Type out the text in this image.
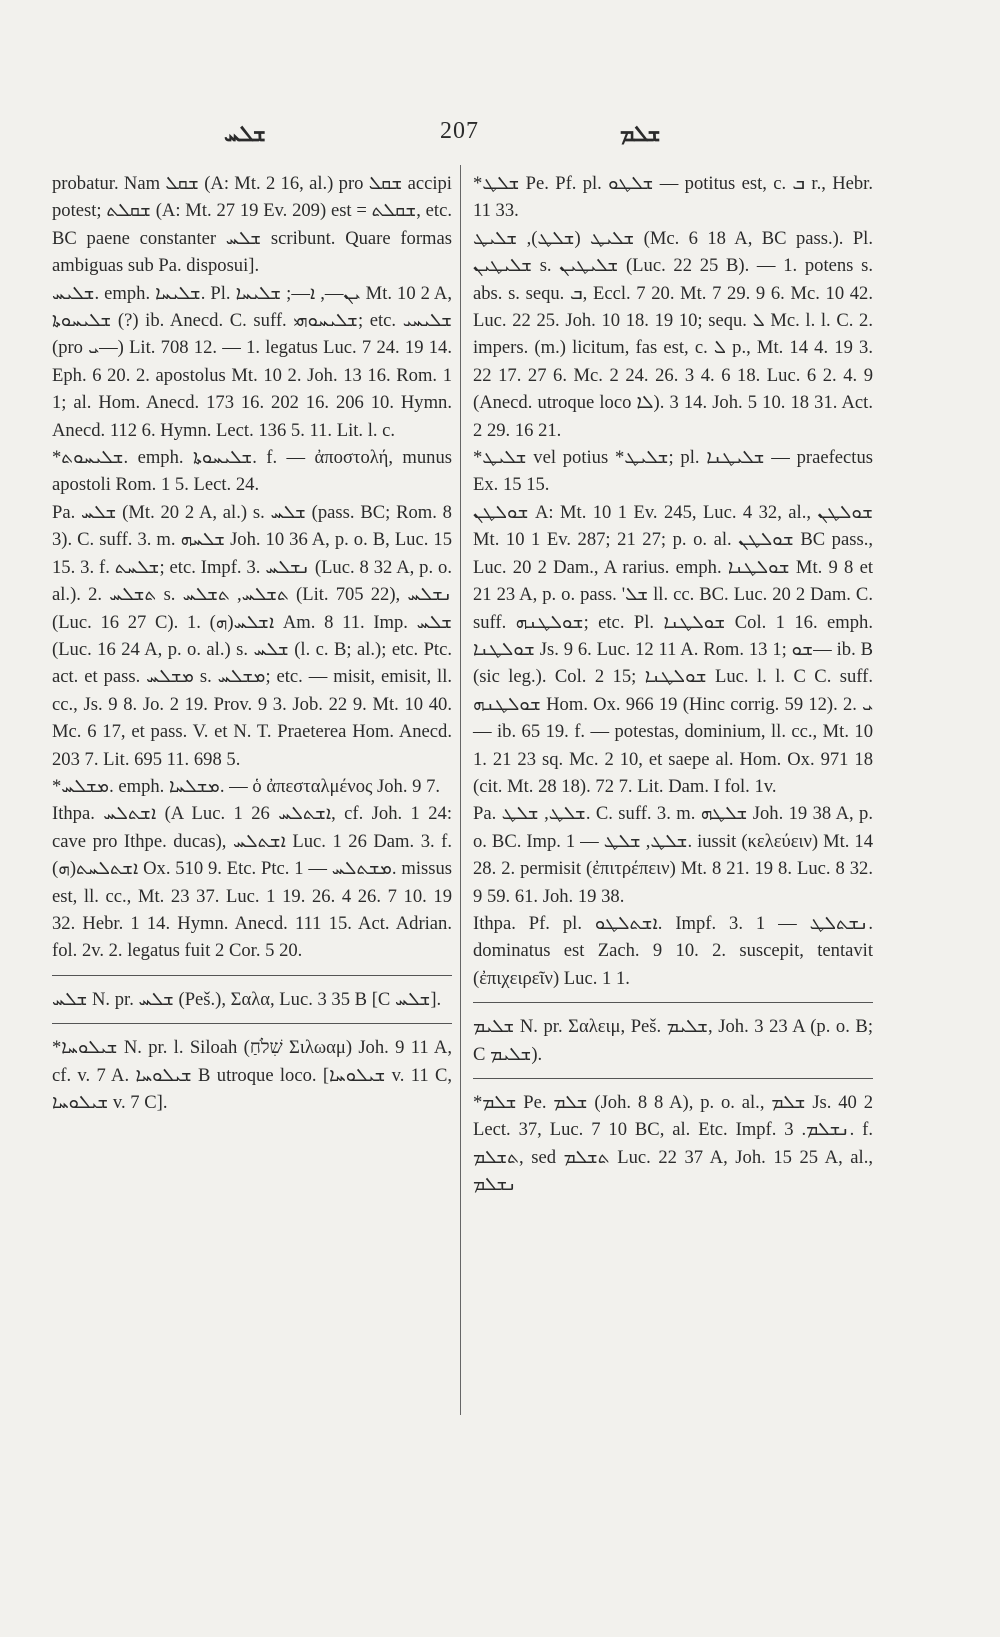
ܫܠܚ	207	ܫܠܡ

probatur. Nam ܫܩܠ (A: Mt. 2 16, al.) pro ܫܩܠ accipi potest; ܫܩܠܬ (A: Mt. 27 19 Ev. 209) est = ܫܩܠܬ, etc. BC paene constanter ܫܠܚ scribunt. Quare formas ambiguas sub Pa. disposui].

ܫܠܝܚ. emph. ܫܠܝܚܐ. Pl. ܝܢ—, ܐ—; ܫܠܝܚܐ Mt. 10 2 A, ܫܠܝܚܘܬܐ (?) ib. Anecd. C. suff. ܫܠܝܚܘܗܝ; etc. ܫܠܝܚܝ (pro ܝ—) Lit. 708 12. — 1. legatus Luc. 7 24. 19 14. Eph. 6 20. 2. apostolus Mt. 10 2. Joh. 13 16. Rom. 1 1; al. Hom. Anecd. 173 16. 202 16. 206 10. Hymn. Anecd. 112 6. Hymn. Lect. 136 5. 11. Lit. l. c.

*ܫܠܝܚܘܬ. emph. ܫܠܝܚܘܬܐ. f. — ἀποστολή, munus apostoli Rom. 1 5. Lect. 24.

Pa. ܫܠܚ (Mt. 20 2 A, al.) s. ܫܠܚ (pass. BC; Rom. 8 3). C. suff. 3. m. ܫܠܚܗ Joh. 10 36 A, p. o. B, Luc. 15 15. 3. f. ܫܠܚܬ; etc. Impf. 3. ܢܫܠܚ (Luc. 8 32 A, p. o. al.). 2. ܬܫܠܚ s. ܬܫܠܚ, ܬܫܠܚ (Lit. 705 22), ܢܫܠܚ (Luc. 16 27 C). 1. ܐܫܠܚ(ܗ) Am. 8 11. Imp. ܫܠܚ (Luc. 16 24 A, p. o. al.) s. ܫܠܚ (l. c. B; al.); etc. Ptc. act. et pass. ܡܫܠܚ s. ܡܫܠܚ; etc. — misit, emisit, ll. cc., Js. 9 8. Jo. 2 19. Prov. 9 3. Job. 22 9. Mt. 10 40. Mc. 6 17, et pass. V. et N. T. Praeterea Hom. Anecd. 203 7. Lit. 695 11. 698 5.

*ܡܫܠܚ. emph. ܡܫܠܚܐ. — ὁ ἀπεσταλμένος Joh. 9 7.

Ithpa. ܐܫܬܠܚ (A Luc. 1 26 ܐܫܬܠܚ, cf. Joh. 1 24: cave pro Ithpe. ducas), ܐܫܬܠܚ Luc. 1 26 Dam. 3. f. ܐܫܬܠܚܬ(ܗ) Ox. 510 9. Etc. Ptc. ܡܫܬܠܚ — 1. missus est, ll. cc., Mt. 23 37. Luc. 1 19. 26. 4 26. 7 10. 19 32. Hebr. 1 14. Hymn. Anecd. 111 15. Act. Adrian. fol. 2v. 2. legatus fuit 2 Cor. 5 20.

ܫܠܚ N. pr. ܫܠܚ (Peš.), Σαλα, Luc. 3 35 B [C ܫܠܚ].

*ܫܝܠܘܚܐ N. pr. l. Siloah (שִׁלֹחַ Σιλωαμ) Joh. 9 11 A, cf. v. 7 A. ܫܝܠܘܚܐ B utroque loco. [ܫܝܠܘܚܐ v. 11 C, ܫܝܠܘܚܐ v. 7 C].

*ܫܠܛ Pe. Pf. pl. ܫܠܛܘ — potitus est, c. ܒ r., Hebr. 11 33.

ܫܠܝܛ (ܫܠܛ), ܫܠܝܛ (Mc. 6 18 A, BC pass.). Pl. ܫܠܝܛܝܢ s. ܫܠܝܛܝܢ (Luc. 22 25 B). — 1. potens s. abs. s. sequ. ܒ, Eccl. 7 20. Mt. 7 29. 9 6. Mc. 10 42. Luc. 22 25. Joh. 10 18. 19 10; sequ. ܠ Mc. l. l. C. 2. impers. (m.) licitum, fas est, c. ܠ p., Mt. 14 4. 19 3. 22 17. 27 6. Mc. 2 24. 26. 3 4. 6 18. Luc. 6 2. 4. 9 (Anecd. utroque loco ܠܐ). 14 3. Joh. 5 10. 18 31. Act. 2 29. 16 21.

*ܫܠܝܛ vel potius *ܫܠܝܛ; pl. ܫܠܝܛܢܐ — praefectus Ex. 15 15.

ܫܘܠܛܢ A: Mt. 10 1 Ev. 245, Luc. 4 32, al., ܫܘܠܛܢ Mt. 10 1 Ev. 287; 21 27; p. o. al. ܫܘܠܛܢ BC pass., Luc. 20 2 Dam., A rarius. emph. ܫܘܠܛܢܐ Mt. 9 8 et 21 23 A, p. o. pass. 'ܫܠ ll. cc. BC. Luc. 20 2 Dam. C. suff. ܫܘܠܛܢܗ; etc. Pl. ܫܘܠܛܢܐ Col. 1 16. emph. ܫܘܠܛܢܐ Js. 9 6. Luc. 12 11 A. Rom. 13 1; ܫܘ— ib. B (sic leg.). Col. 2 15; ܫܘܠܛܢܐ Luc. l. l. C C. suff. ܫܘܠܛܢܗ Hom. Ox. 966 19 (Hinc corrig. 59 12). 2. ܝ— ib. 65 19. f. — potestas, dominium, ll. cc., Mt. 10 1. 21 23 sq. Mc. 2 10, et saepe al. Hom. Ox. 971 18 (cit. Mt. 28 18). 72 7. Lit. Dam. I fol. 1v.

Pa. ܫܠܛ, ܫܠܛ. C. suff. 3. m. ܫܠܛܗ Joh. 19 38 A, p. o. BC. Imp. ܫܠܛ, ܫܠܛ — 1. iussit (κελεύειν) Mt. 14 28. 2. permisit (ἐπιτρέπειν) Mt. 8 21. 19 8. Luc. 8 32. 9 59. 61. Joh. 19 38.

Ithpa. Pf. pl. ܐܫܬܠܛܘ. Impf. 3. ܢܫܬܠܛ — 1. dominatus est Zach. 9 10. 2. suscepit, tentavit (ἐπιχειρεῖν) Luc. 1 1.

ܫܠܝܡ N. pr. Σαλειμ, Peš. ܫܠܝܡ, Joh. 3 23 A (p. o. B; C ܫܠܝܡ).

*ܫܠܡ Pe. ܫܠܡ (Joh. 8 8 A), p. o. al., ܫܠܡ Js. 40 2 Lect. 37, Luc. 7 10 BC, al. Etc. Impf. ܢܫܠܡ. 3. f. ܬܫܠܡ, sed ܬܫܠܡ Luc. 22 37 A, Joh. 15 25 A, al., ܢܫܠܡ
